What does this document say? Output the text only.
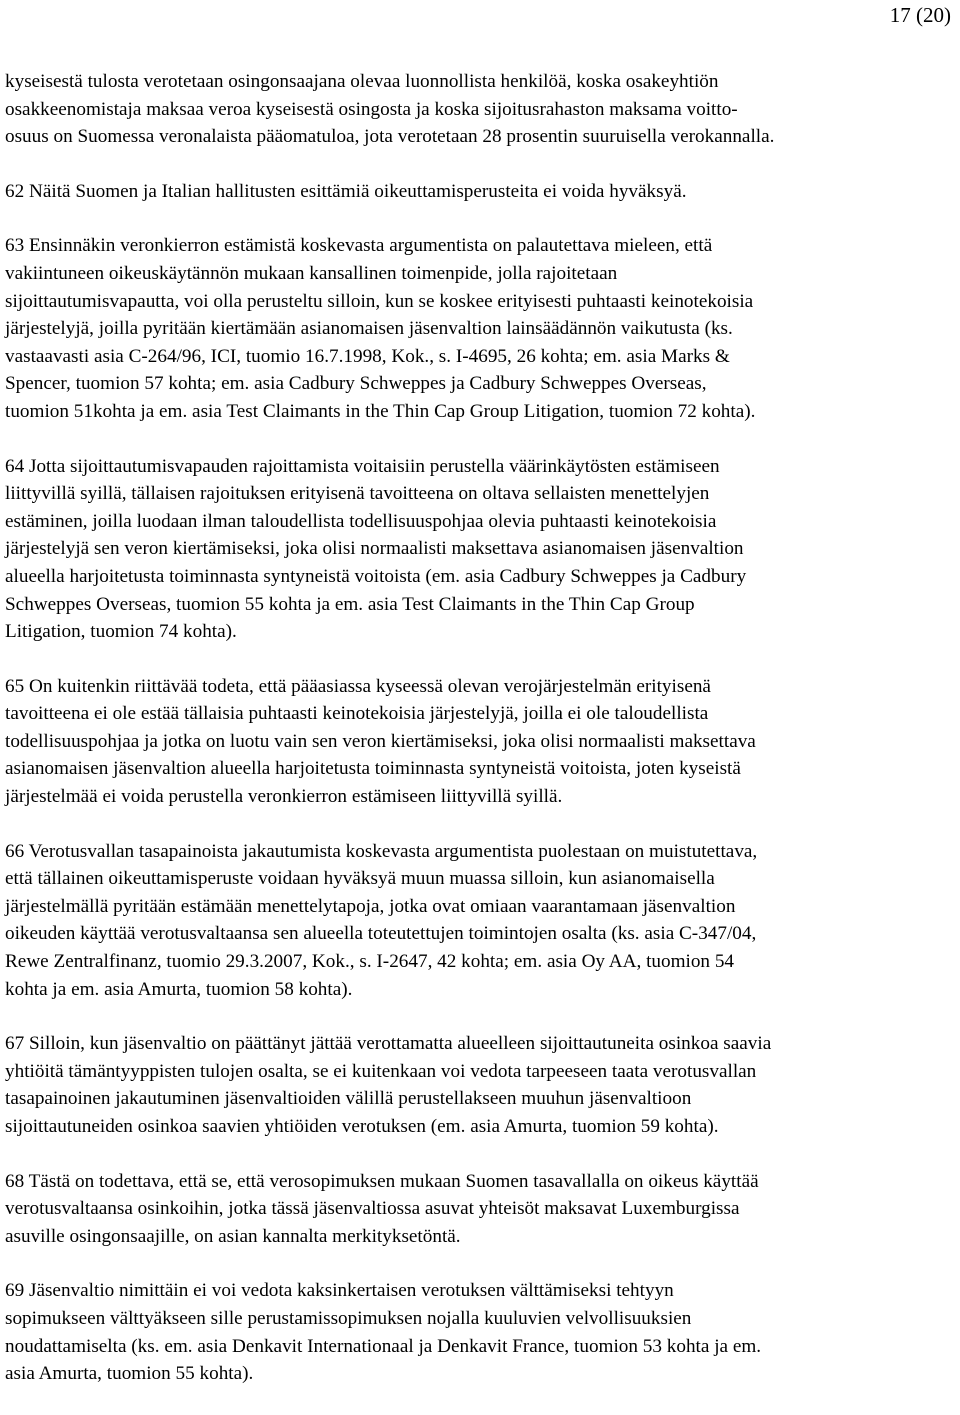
17 (20)

kyseisestä tulosta verotetaan osingonsaajana olevaa luonnollista henkilöä, koska osakeyhtiön
osakkeenomistaja maksaa veroa kyseisestä osingosta ja koska sijoitusrahaston maksama voitto-
osuus on Suomessa veronalaista pääomatuloa, jota verotetaan 28 prosentin suuruisella verokannalla.

62 Näitä Suomen ja Italian hallitusten esittämiä oikeuttamisperusteita ei voida hyväksyä.

63 Ensinnäkin veronkierron estämistä koskevasta argumentista on palautettava mieleen, että
vakiintuneen oikeuskäytännön mukaan kansallinen toimenpide, jolla rajoitetaan
sijoittautumisvapautta, voi olla perusteltu silloin, kun se koskee erityisesti puhtaasti keinotekoisia
järjestelyjä, joilla pyritään kiertämään asianomaisen jäsenvaltion lainsäädännön vaikutusta (ks.
vastaavasti asia C-264/96, ICI, tuomio 16.7.1998, Kok., s. I-4695, 26 kohta; em. asia Marks &
Spencer, tuomion 57 kohta; em. asia Cadbury Schweppes ja Cadbury Schweppes Overseas,
tuomion 51kohta ja em. asia Test Claimants in the Thin Cap Group Litigation, tuomion 72 kohta).

64 Jotta sijoittautumisvapauden rajoittamista voitaisiin perustella väärinkäytösten estämiseen
liittyvillä syillä, tällaisen rajoituksen erityisenä tavoitteena on oltava sellaisten menettelyjen
estäminen, joilla luodaan ilman taloudellista todellisuuspohjaa olevia puhtaasti keinotekoisia
järjestelyjä sen veron kiertämiseksi, joka olisi normaalisti maksettava asianomaisen jäsenvaltion
alueella harjoitetusta toiminnasta syntyneistä voitoista (em. asia Cadbury Schweppes ja Cadbury
Schweppes Overseas, tuomion 55 kohta ja em. asia Test Claimants in the Thin Cap Group
Litigation, tuomion 74 kohta).

65 On kuitenkin riittävää todeta, että pääasiassa kyseessä olevan verojärjestelmän erityisenä
tavoitteena ei ole estää tällaisia puhtaasti keinotekoisia järjestelyjä, joilla ei ole taloudellista
todellisuuspohjaa ja jotka on luotu vain sen veron kiertämiseksi, joka olisi normaalisti maksettava
asianomaisen jäsenvaltion alueella harjoitetusta toiminnasta syntyneistä voitoista, joten kyseistä
järjestelmää ei voida perustella veronkierron estämiseen liittyvillä syillä.

66 Verotusvallan tasapainoista jakautumista koskevasta argumentista puolestaan on muistutettava,
että tällainen oikeuttamisperuste voidaan hyväksyä muun muassa silloin, kun asianomaisella
järjestelmällä pyritään estämään menettelytapoja, jotka ovat omiaan vaarantamaan jäsenvaltion
oikeuden käyttää verotusvaltaansa sen alueella toteutettujen toimintojen osalta (ks. asia C-347/04,
Rewe Zentralfinanz, tuomio 29.3.2007, Kok., s. I-2647, 42 kohta; em. asia Oy AA, tuomion 54
kohta ja em. asia Amurta, tuomion 58 kohta).

67 Silloin, kun jäsenvaltio on päättänyt jättää verottamatta alueelleen sijoittautuneita osinkoa saavia
yhtiöitä tämäntyyppisten tulojen osalta, se ei kuitenkaan voi vedota tarpeeseen taata verotusvallan
tasapainoinen jakautuminen jäsenvaltioiden välillä perustellakseen muuhun jäsenvaltioon
sijoittautuneiden osinkoa saavien yhtiöiden verotuksen (em. asia Amurta, tuomion 59 kohta).

68 Tästä on todettava, että se, että verosopimuksen mukaan Suomen tasavallalla on oikeus käyttää
verotusvaltaansa osinkoihin, jotka tässä jäsenvaltiossa asuvat yhteisöt maksavat Luxemburgissa
asuville osingonsaajille, on asian kannalta merkityksetöntä.

69 Jäsenvaltio nimittäin ei voi vedota kaksinkertaisen verotuksen välttämiseksi tehtyyn
sopimukseen välttyäkseen sille perustamissopimuksen nojalla kuuluvien velvollisuuksien
noudattamiselta (ks. em. asia Denkavit Internationaal ja Denkavit France, tuomion 53 kohta ja em.
asia Amurta, tuomion 55 kohta).
